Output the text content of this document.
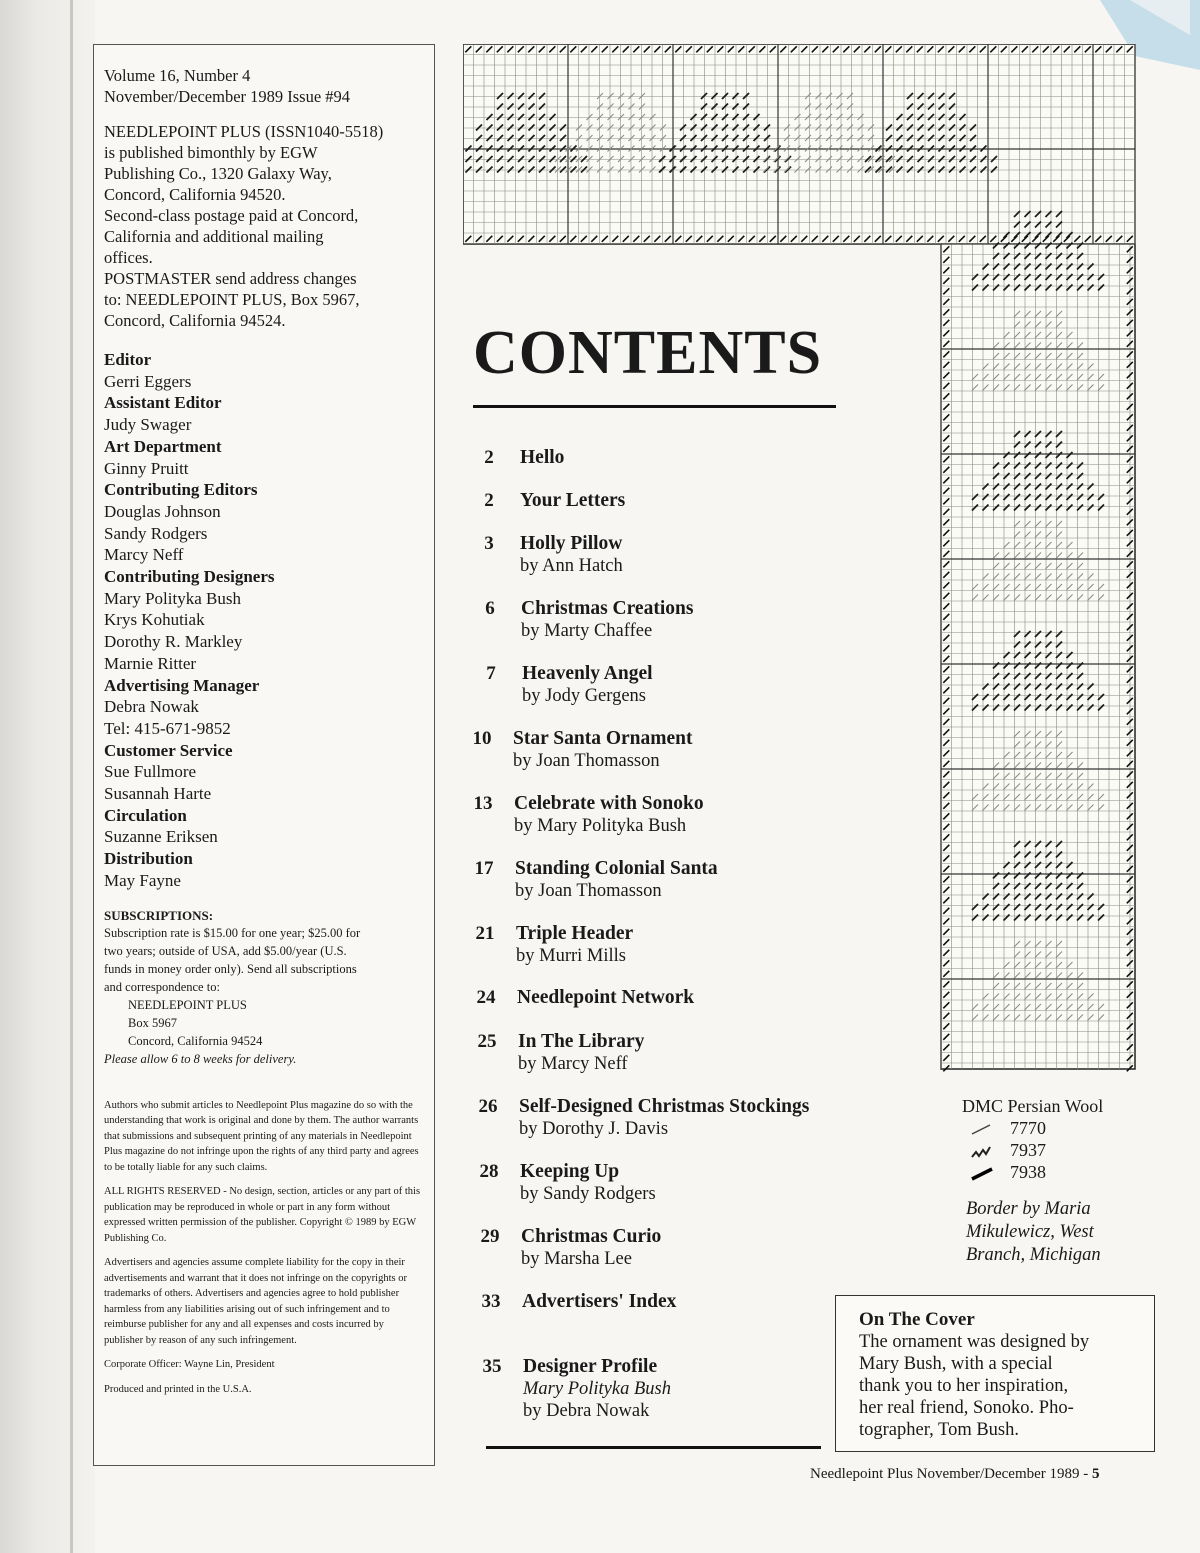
Volume 16, Number 4
November/December 1989 Issue #94
NEEDLEPOINT PLUS (ISSN1040-5518)
is published bimonthly by EGW
Publishing Co., 1320 Galaxy Way,
Concord, California 94520.
Second-class postage paid at Concord,
California and additional mailing
offices.
POSTMASTER send address changes
to: NEEDLEPOINT PLUS, Box 5967,
Concord, California 94524.
Editor
Gerri Eggers
Assistant Editor
Judy Swager
Art Department
Ginny Pruitt
Contributing Editors
Douglas Johnson
Sandy Rodgers
Marcy Neff
Contributing Designers
Mary Polityka Bush
Krys Kohutiak
Dorothy R. Markley
Marnie Ritter
Advertising Manager
Debra Nowak
Tel: 415-671-9852
Customer Service
Sue Fullmore
Susannah Harte
Circulation
Suzanne Eriksen
Distribution
May Fayne
SUBSCRIPTIONS:
Subscription rate is $15.00 for one year; $25.00 for
two years; outside of USA, add $5.00/year (U.S.
funds in money order only). Send all subscriptions
and correspondence to:
NEEDLEPOINT PLUS
Box 5967
Concord, California 94524
Please allow 6 to 8 weeks for delivery.
Authors who submit articles to Needlepoint Plus magazine do so with the understanding that work is original and done by them. The author warrants that submissions and subsequent printing of any materials in Needlepoint Plus magazine do not infringe upon the rights of any third party and agrees to be totally liable for any such claims.
ALL RIGHTS RESERVED - No design, section, articles or any part of this publication may be reproduced in whole or part in any form without expressed written permission of the publisher. Copyright © 1989 by EGW Publishing Co.
Advertisers and agencies assume complete liability for the copy in their advertisements and warrant that it does not infringe on the copyrights or trademarks of others. Advertisers and agencies agree to hold publisher harmless from any liabilities arising out of such infringement and to reimburse publisher for any and all expenses and costs incurred by publisher by reason of any such infringement.
Corporate Officer: Wayne Lin, President
Produced and printed in the U.S.A.
CONTENTS
2	Hello
2	Your Letters
3	Holly Pillow
by Ann Hatch
6	Christmas Creations
by Marty Chaffee
7	Heavenly Angel
by Jody Gergens
10 Star Santa Ornament
by Joan Thomasson
13 Celebrate with Sonoko
by Mary Polityka Bush
17 Standing Colonial Santa
by Joan Thomasson
21 Triple Header
by Murri Mills
24 Needlepoint Network
25 In The Library
by Marcy Neff
26 Self-Designed Christmas Stockings
by Dorothy J. Davis
28 Keeping Up
by Sandy Rodgers
29 Christmas Curio
by Marsha Lee
33 Advertisers' Index
35 Designer Profile
Mary Polityka Bush
by Debra Nowak
DMC Persian Wool
7770
7937
7938
Border by Maria
Mikulewicz, West
Branch, Michigan
On The Cover
The ornament was designed by
Mary Bush, with a special
thank you to her inspiration,
her real friend, Sonoko. Pho-
tographer, Tom Bush.
Needlepoint Plus November/December 1989 - 5
